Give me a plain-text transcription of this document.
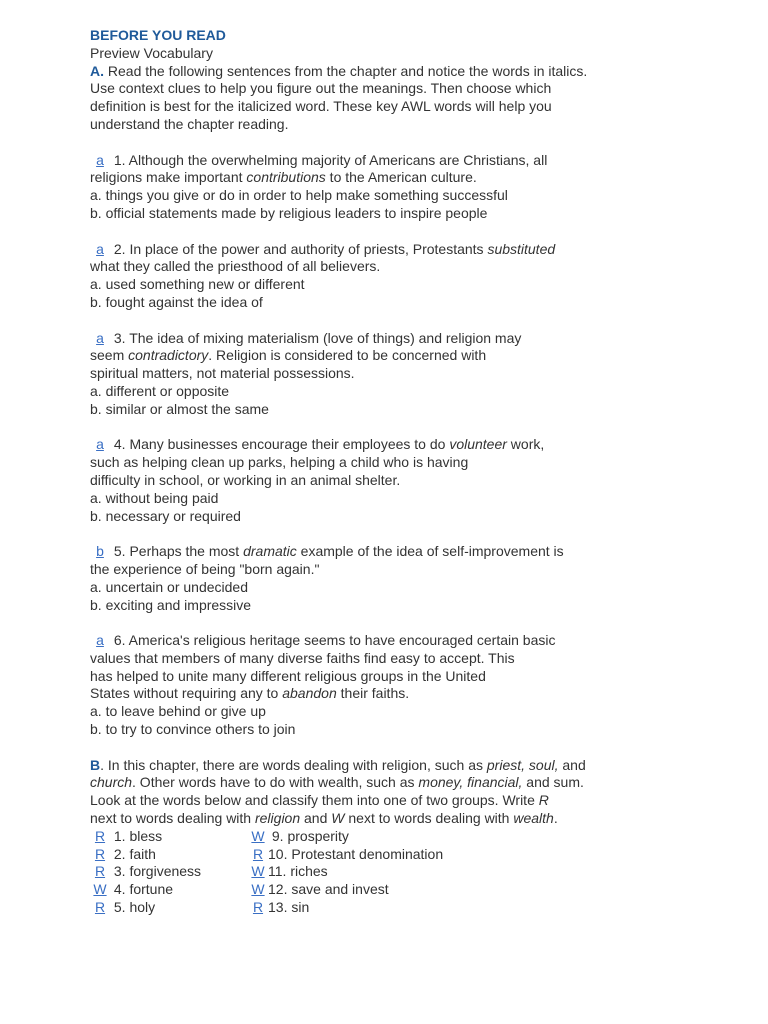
BEFORE YOU READ
Preview Vocabulary
A. Read the following sentences from the chapter and notice the words in italics.
Use context clues to help you figure out the meanings. Then choose which
definition is best for the italicized word. These key AWL words will help you
understand the chapter reading.
a 1. Although the overwhelming majority of Americans are Christians, all
religions make important contributions to the American culture.
a. things you give or do in order to help make something successful
b. official statements made by religious leaders to inspire people
a 2. In place of the power and authority of priests, Protestants substituted
what they called the priesthood of all believers.
a. used something new or different
b. fought against the idea of
a 3. The idea of mixing materialism (love of things) and religion may
seem contradictory. Religion is considered to be concerned with
spiritual matters, not material possessions.
a. different or opposite
b. similar or almost the same
a 4. Many businesses encourage their employees to do volunteer work,
such as helping clean up parks, helping a child who is having
difficulty in school, or working in an animal shelter.
a. without being paid
b. necessary or required
b 5. Perhaps the most dramatic example of the idea of self-improvement is
the experience of being "born again."
a. uncertain or undecided
b. exciting and impressive
a 6. America's religious heritage seems to have encouraged certain basic
values that members of many diverse faiths find easy to accept. This
has helped to unite many different religious groups in the United
States without requiring any to abandon their faiths.
a. to leave behind or give up
b. to try to convince others to join
B. In this chapter, there are words dealing with religion, such as priest, soul, and
church. Other words have to do with wealth, such as money, financial, and sum.
Look at the words below and classify them into one of two groups. Write R
next to words dealing with religion and W next to words dealing with wealth.
R 1. bless
R 2. faith
R 3. forgiveness
W 4. fortune
R 5. holy
W 9. prosperity
R 10. Protestant denomination
W 11. riches
W 12. save and invest
R 13. sin
